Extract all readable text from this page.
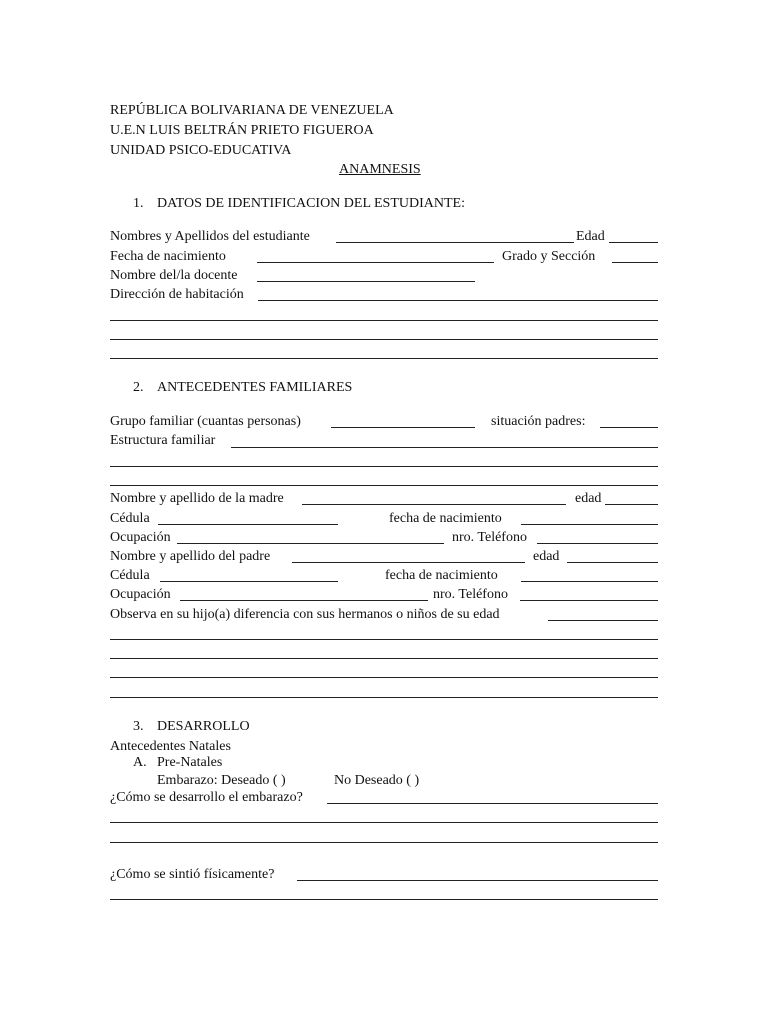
REPÚBLICA BOLIVARIANA DE VENEZUELA
U.E.N LUIS BELTRÁN PRIETO FIGUEROA
UNIDAD PSICO-EDUCATIVA
ANAMNESIS
1. DATOS DE IDENTIFICACION DEL ESTUDIANTE:
Nombres y Apellidos del estudiante	Edad
Fecha de nacimiento	Grado y Sección
Nombre del/la docente
Dirección de habitación
2. ANTECEDENTES FAMILIARES
Grupo familiar (cuantas personas)	situación padres:
Estructura familiar
Nombre y apellido de la madre	edad
Cédula	fecha de nacimiento
Ocupación	nro. Teléfono
Nombre y apellido del padre	edad
Cédula	fecha de nacimiento
Ocupación	nro. Teléfono
Observa en su hijo(a) diferencia con sus hermanos o niños de su edad
3. DESARROLLO
Antecedentes Natales
A. Pre-Natales
Embarazo: Deseado ( )	No Deseado ( )
¿Cómo se desarrollo el embarazo?
¿Cómo se sintió físicamente?
